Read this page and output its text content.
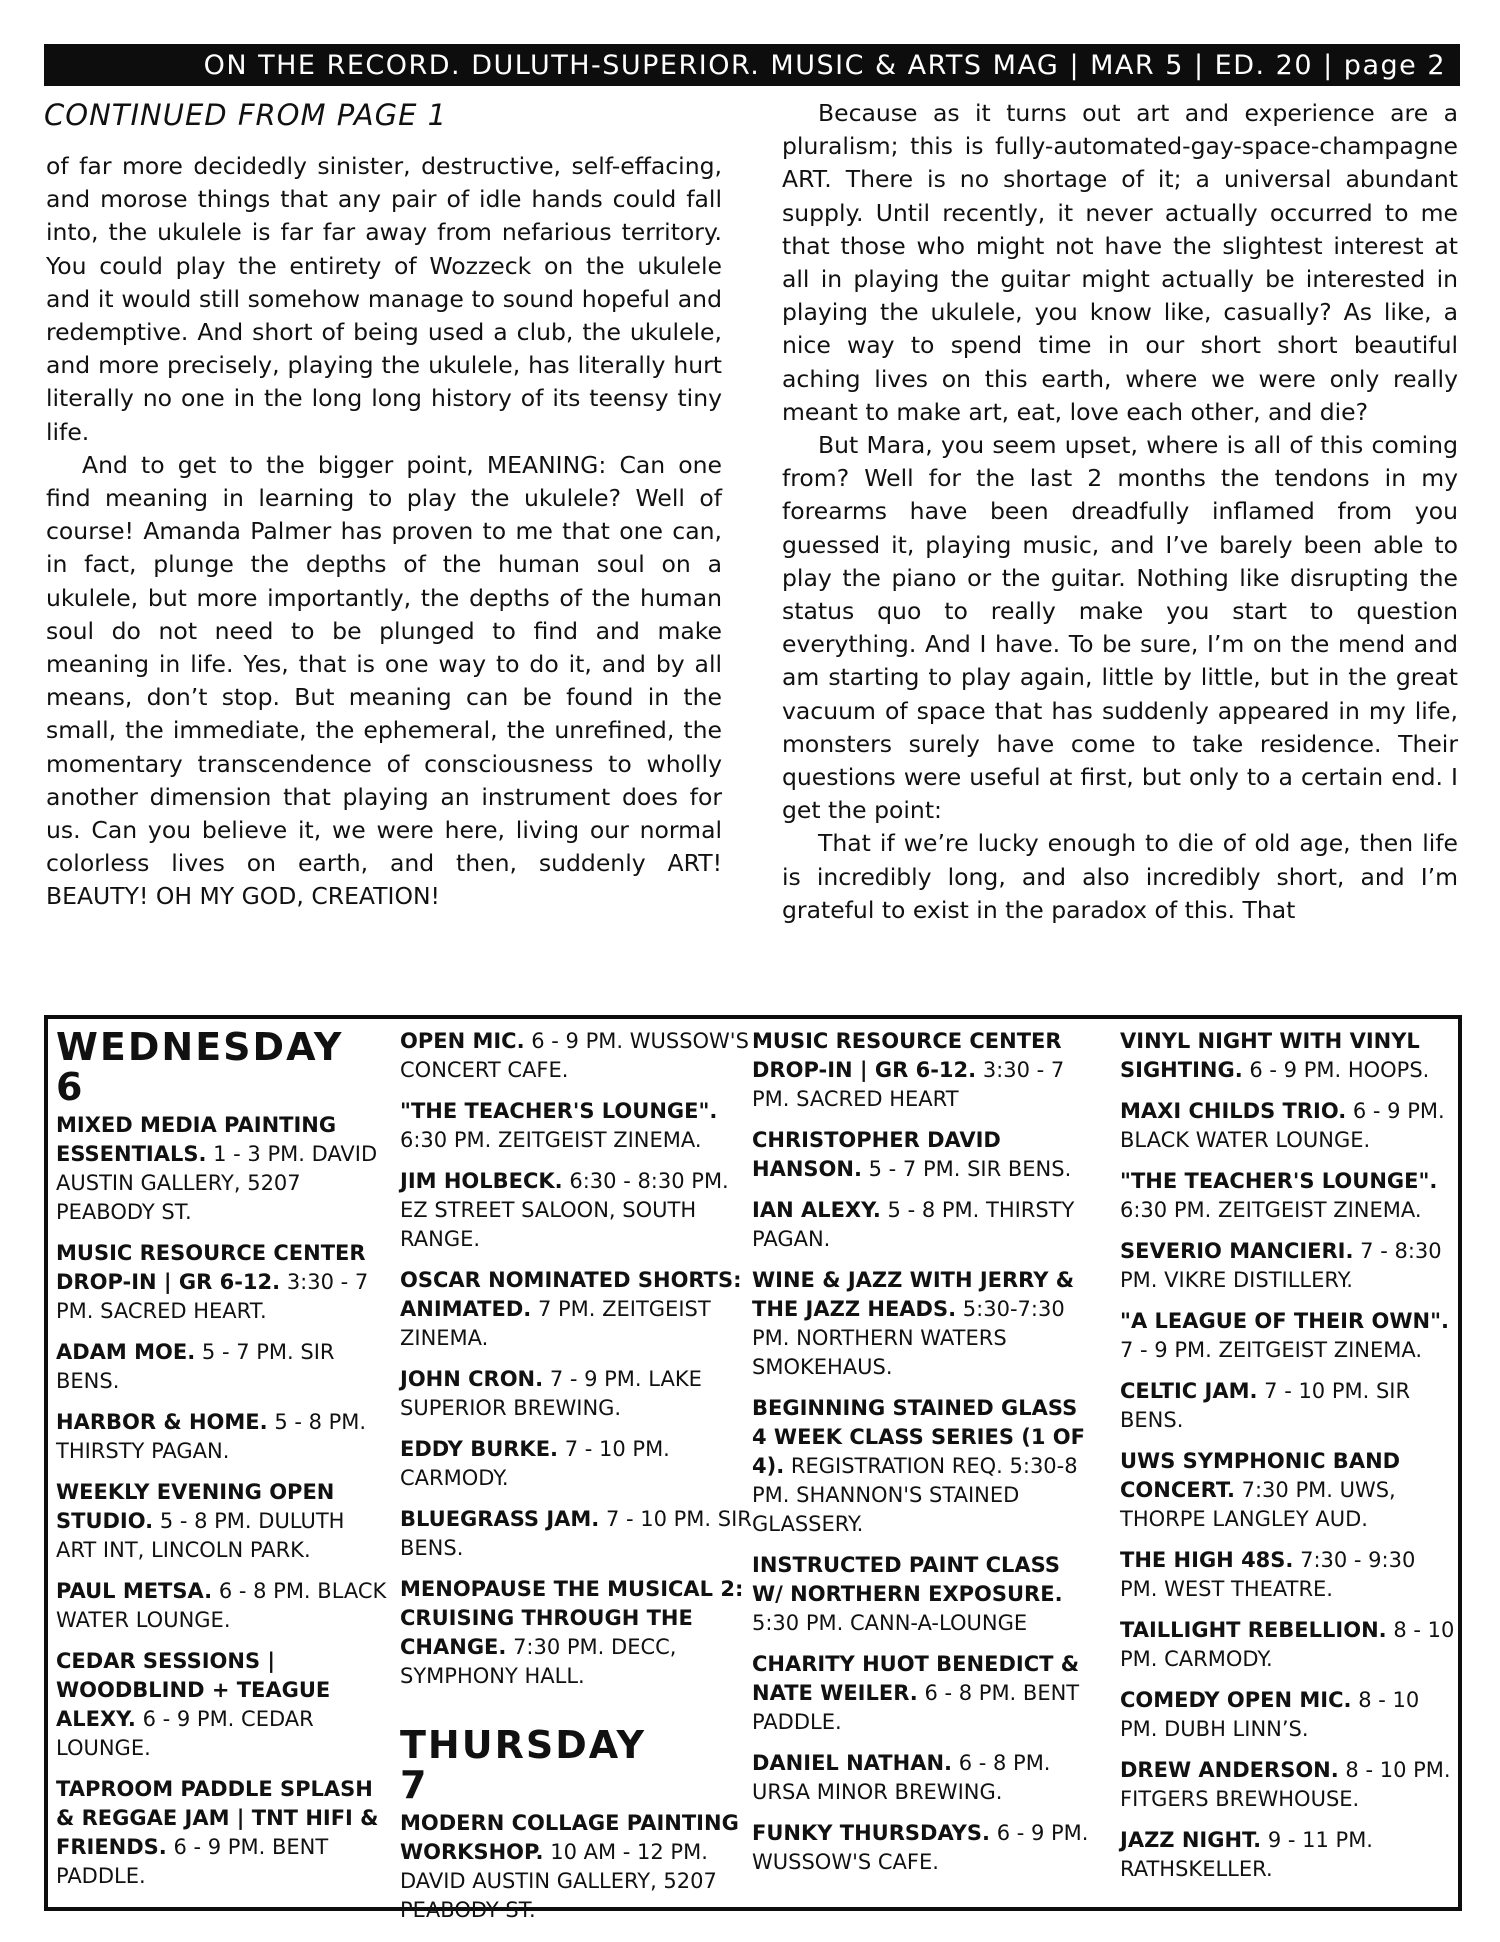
ON THE RECORD. DULUTH-SUPERIOR. MUSIC & ARTS MAG | MAR 5 | ED. 20 | page 2
CONTINUED FROM PAGE 1

of far more decidedly sinister, destructive, self-effacing, and morose things that any pair of idle hands could fall into, the ukulele is far far away from nefarious territory. You could play the entirety of Wozzeck on the ukulele and it would still somehow manage to sound hopeful and redemptive. And short of being used a club, the ukulele, and more precisely, playing the ukulele, has literally hurt literally no one in the long long history of its teensy tiny life.

And to get to the bigger point, MEANING: Can one find meaning in learning to play the ukulele? Well of course! Amanda Palmer has proven to me that one can, in fact, plunge the depths of the human soul on a ukulele, but more importantly, the depths of the human soul do not need to be plunged to find and make meaning in life. Yes, that is one way to do it, and by all means, don’t stop. But meaning can be found in the small, the immediate, the ephemeral, the unrefined, the momentary transcendence of consciousness to wholly another dimension that playing an instrument does for us. Can you believe it, we were here, living our normal colorless lives on earth, and then, suddenly ART! BEAUTY! OH MY GOD, CREATION!

Because as it turns out art and experience are a pluralism; this is fully-automated-gay-space-champagne ART. There is no shortage of it; a universal abundant supply. Until recently, it never actually occurred to me that those who might not have the slightest interest at all in playing the guitar might actually be interested in playing the ukulele, you know like, casually? As like, a nice way to spend time in our short short beautiful aching lives on this earth, where we were only really meant to make art, eat, love each other, and die?

But Mara, you seem upset, where is all of this coming from? Well for the last 2 months the tendons in my forearms have been dreadfully inflamed from you guessed it, playing music, and I’ve barely been able to play the piano or the guitar. Nothing like disrupting the status quo to really make you start to question everything. And I have. To be sure, I’m on the mend and am starting to play again, little by little, but in the great vacuum of space that has suddenly appeared in my life, monsters surely have come to take residence. Their questions were useful at first, but only to a certain end. I get the point:

That if we’re lucky enough to die of old age, then life is incredibly long, and also incredibly short, and I’m grateful to exist in the paradox of this. That

WEDNESDAY
6
MIXED MEDIA PAINTING ESSENTIALS. 1 - 3 PM. DAVID AUSTIN GALLERY, 5207 PEABODY ST.
MUSIC RESOURCE CENTER DROP-IN | GR 6-12. 3:30 - 7 PM. SACRED HEART.
ADAM MOE. 5 - 7 PM. SIR BENS.
HARBOR & HOME. 5 - 8 PM. THIRSTY PAGAN.
WEEKLY EVENING OPEN STUDIO. 5 - 8 PM. DULUTH ART INT, LINCOLN PARK.
PAUL METSA. 6 - 8 PM. BLACK WATER LOUNGE.
CEDAR SESSIONS | WOODBLIND + TEAGUE ALEXY. 6 - 9 PM. CEDAR LOUNGE.
TAPROOM PADDLE SPLASH & REGGAE JAM | TNT HIFI & FRIENDS. 6 - 9 PM. BENT PADDLE.
OPEN MIC. 6 - 9 PM. WUSSOW'S CONCERT CAFE.
"THE TEACHER'S LOUNGE". 6:30 PM. ZEITGEIST ZINEMA.
JIM HOLBECK. 6:30 - 8:30 PM. EZ STREET SALOON, SOUTH RANGE.
OSCAR NOMINATED SHORTS: ANIMATED. 7 PM. ZEITGEIST ZINEMA.
JOHN CRON. 7 - 9 PM. LAKE SUPERIOR BREWING.
EDDY BURKE. 7 - 10 PM. CARMODY.
BLUEGRASS JAM. 7 - 10 PM. SIR BENS.
MENOPAUSE THE MUSICAL 2: CRUISING THROUGH THE CHANGE. 7:30 PM. DECC, SYMPHONY HALL.
THURSDAY
7
MODERN COLLAGE PAINTING WORKSHOP. 10 AM - 12 PM. DAVID AUSTIN GALLERY, 5207 PEABODY ST.
MUSIC RESOURCE CENTER DROP-IN | GR 6-12. 3:30 - 7 PM. SACRED HEART
CHRISTOPHER DAVID HANSON. 5 - 7 PM. SIR BENS.
IAN ALEXY. 5 - 8 PM. THIRSTY PAGAN.
WINE & JAZZ WITH JERRY & THE JAZZ HEADS. 5:30-7:30 PM. NORTHERN WATERS SMOKEHAUS.
BEGINNING STAINED GLASS 4 WEEK CLASS SERIES (1 OF 4). REGISTRATION REQ. 5:30-8 PM. SHANNON'S STAINED GLASSERY.
INSTRUCTED PAINT CLASS W/ NORTHERN EXPOSURE. 5:30 PM. CANN-A-LOUNGE
CHARITY HUOT BENEDICT & NATE WEILER. 6 - 8 PM. BENT PADDLE.
DANIEL NATHAN. 6 - 8 PM. URSA MINOR BREWING.
FUNKY THURSDAYS. 6 - 9 PM. WUSSOW'S CAFE.
VINYL NIGHT WITH VINYL SIGHTING. 6 - 9 PM. HOOPS.
MAXI CHILDS TRIO. 6 - 9 PM. BLACK WATER LOUNGE.
"THE TEACHER'S LOUNGE". 6:30 PM. ZEITGEIST ZINEMA.
SEVERIO MANCIERI. 7 - 8:30 PM. VIKRE DISTILLERY.
"A LEAGUE OF THEIR OWN". 7 - 9 PM. ZEITGEIST ZINEMA.
CELTIC JAM. 7 - 10 PM. SIR BENS.
UWS SYMPHONIC BAND CONCERT. 7:30 PM. UWS, THORPE LANGLEY AUD.
THE HIGH 48S. 7:30 - 9:30 PM. WEST THEATRE.
TAILLIGHT REBELLION. 8 - 10 PM. CARMODY.
COMEDY OPEN MIC. 8 - 10 PM. DUBH LINN’S.
DREW ANDERSON. 8 - 10 PM. FITGERS BREWHOUSE.
JAZZ NIGHT. 9 - 11 PM. RATHSKELLER.
